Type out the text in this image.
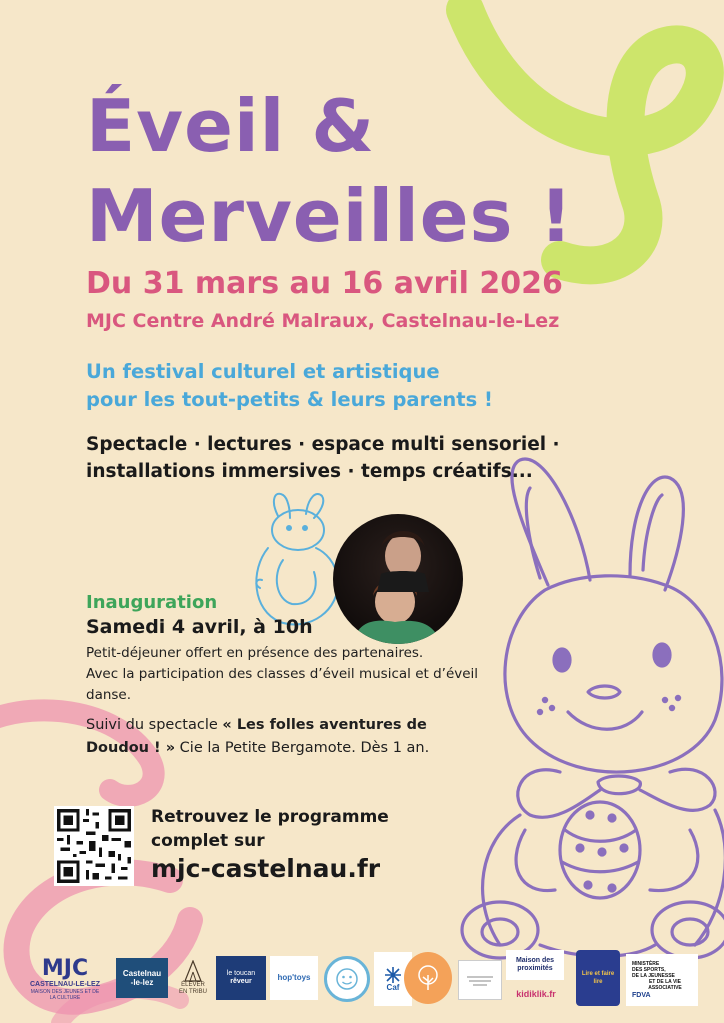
Éveil &
Merveilles !

Du 31 mars au 16 avril 2026

MJC Centre André Malraux, Castelnau-le-Lez

Un festival culturel et artistique

pour les tout-petits & leurs parents !

Spectacle · lectures · espace multi sensoriel ·

installations immersives · temps créatifs...

Inauguration

Samedi 4 avril, à 10h

Petit-déjeuner offert en présence des partenaires.

Avec la participation des classes d’éveil musical et d’éveil danse.

Suivi du spectacle « Les folles aventures de Doudou ! » Cie la Petite Bergamote. Dès 1 an.

Retrouvez le programme

complet sur

mjc-castelnau.fr
MJC
CASTELNAU-LE-LEZ
MAISON DES JEUNES ET DE LA CULTURE
Castelnau
-le-lez	ÉLEVER
EN TRIBU
le toucan
rêveur	hop'toys
Caf
Maison des
proximités
kidiklik.fr
Lire et faire lire
MINISTÈRE
DES SPORTS,
DE LA JEUNESSE
ET DE LA VIE ASSOCIATIVE
FDVA
